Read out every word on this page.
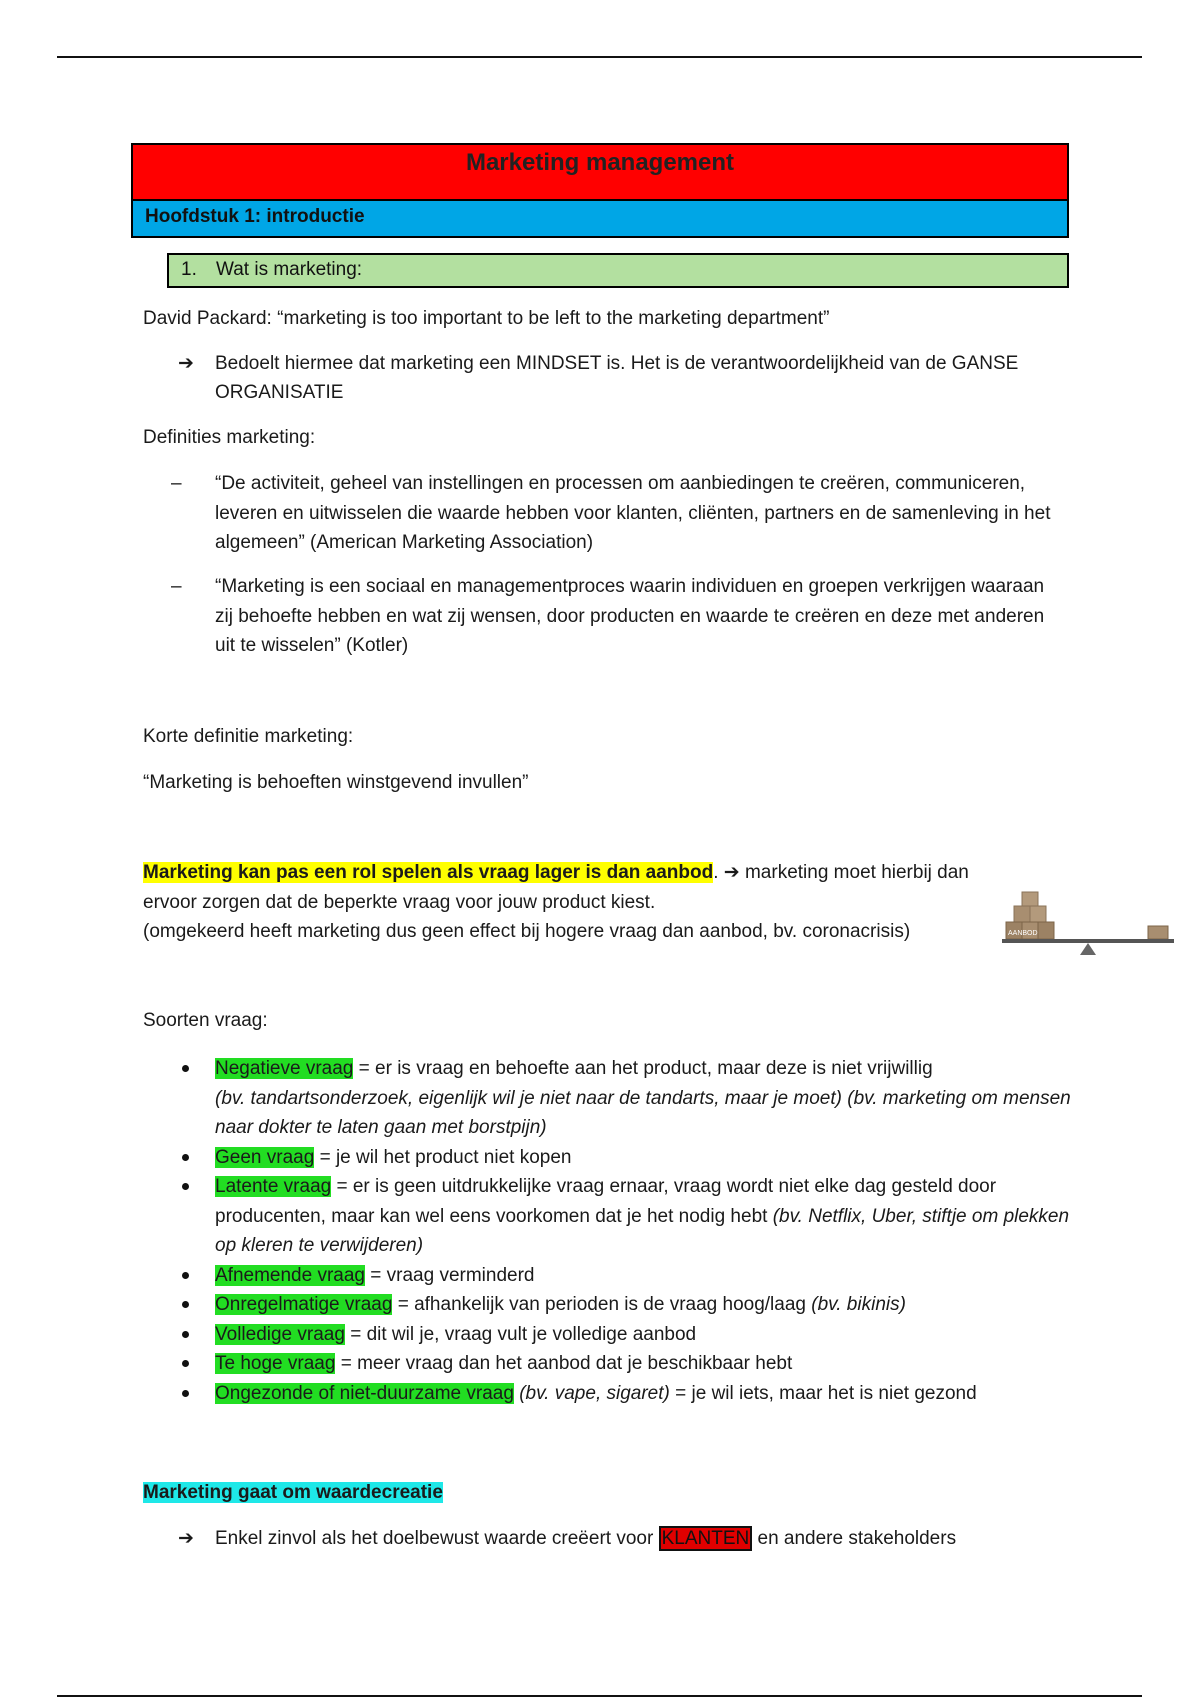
Marketing management
Hoofdstuk 1: introductie
1. Wat is marketing:
David Packard: “marketing is too important to be left to the marketing department”
➔ Bedoelt hiermee dat marketing een MINDSET is. Het is de verantwoordelijkheid van de GANSE ORGANISATIE
Definities marketing:
– “De activiteit, geheel van instellingen en processen om aanbiedingen te creëren, communiceren, leveren en uitwisselen die waarde hebben voor klanten, cliënten, partners en de samenleving in het algemeen” (American Marketing Association)
– “Marketing is een sociaal en managementproces waarin individuen en groepen verkrijgen waaraan zij behoefte hebben en wat zij wensen, door producten en waarde te creëren en deze met anderen uit te wisselen” (Kotler)
Korte definitie marketing:
“Marketing is behoeften winstgevend invullen”
Marketing kan pas een rol spelen als vraag lager is dan aanbod. ➔ marketing moet hierbij dan ervoor zorgen dat de beperkte vraag voor jouw product kiest.
(omgekeerd heeft marketing dus geen effect bij hogere vraag dan aanbod, bv. coronacrisis)	AANBOD
Soorten vraag:
Negatieve vraag = er is vraag en behoefte aan het product, maar deze is niet vrijwillig
(bv. tandartsonderzoek, eigenlijk wil je niet naar de tandarts, maar je moet) (bv. marketing om mensen naar dokter te laten gaan met borstpijn)
Geen vraag = je wil het product niet kopen
Latente vraag = er is geen uitdrukkelijke vraag ernaar, vraag wordt niet elke dag gesteld door producenten, maar kan wel eens voorkomen dat je het nodig hebt (bv. Netflix, Uber, stiftje om plekken op kleren te verwijderen)
Afnemende vraag = vraag verminderd
Onregelmatige vraag = afhankelijk van perioden is de vraag hoog/laag (bv. bikinis)
Volledige vraag = dit wil je, vraag vult je volledige aanbod
Te hoge vraag = meer vraag dan het aanbod dat je beschikbaar hebt
Ongezonde of niet-duurzame vraag (bv. vape, sigaret) = je wil iets, maar het is niet gezond
Marketing gaat om waardecreatie
➔ Enkel zinvol als het doelbewust waarde creëert voor KLANTEN en andere stakeholders
